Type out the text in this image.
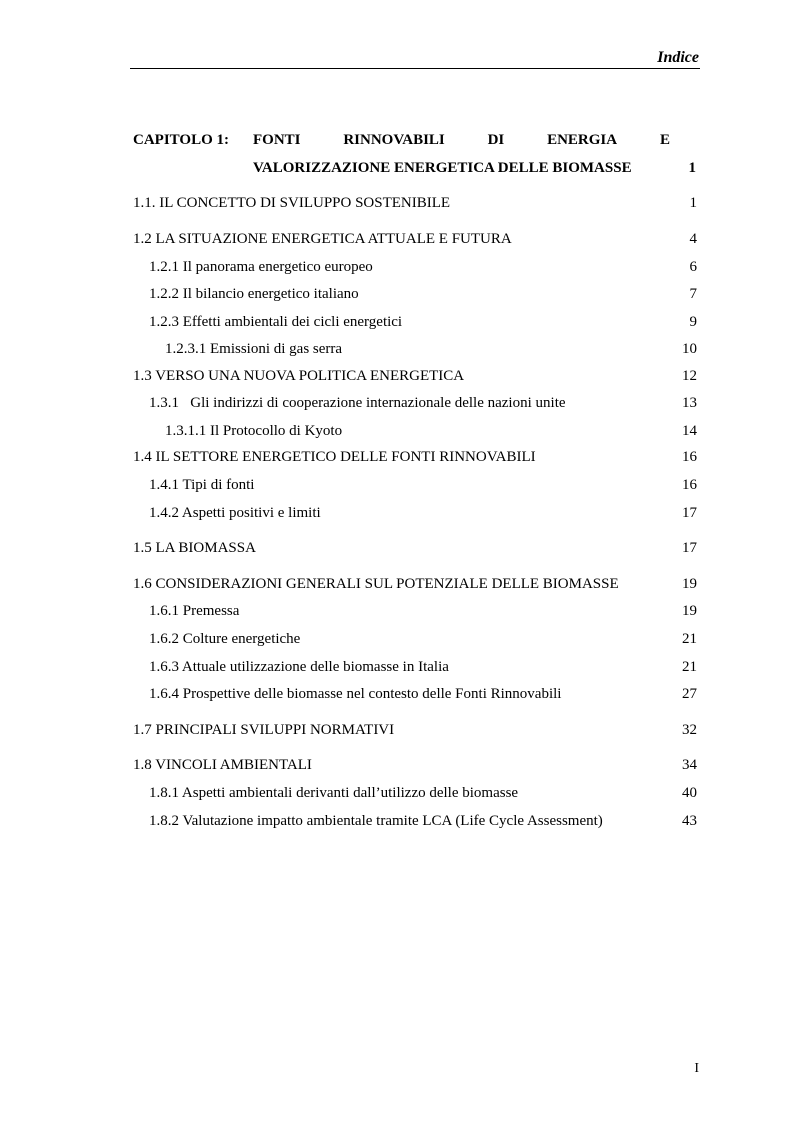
Indice
CAPITOLO 1: FONTI	RINNOVABILI	DI	ENERGIA	E
VALORIZZAZIONE ENERGETICA DELLE BIOMASSE	1
1.1. IL CONCETTO DI SVILUPPO SOSTENIBILE	1
1.2 LA SITUAZIONE ENERGETICA ATTUALE E FUTURA	4
1.2.1 Il panorama energetico europeo	6
1.2.2 Il bilancio energetico italiano	7
1.2.3 Effetti ambientali dei cicli energetici	9
1.2.3.1 Emissioni di gas serra	10
1.3 VERSO UNA NUOVA POLITICA ENERGETICA	12
1.3.1   Gli indirizzi di cooperazione internazionale delle nazioni unite	13
1.3.1.1 Il Protocollo di Kyoto	14
1.4 IL SETTORE ENERGETICO DELLE FONTI RINNOVABILI	16
1.4.1 Tipi di fonti	16
1.4.2 Aspetti positivi e limiti	17
1.5 LA BIOMASSA	17
1.6 CONSIDERAZIONI GENERALI SUL POTENZIALE DELLE BIOMASSE	19
1.6.1 Premessa	19
1.6.2 Colture energetiche	21
1.6.3 Attuale utilizzazione delle biomasse in Italia	21
1.6.4 Prospettive delle biomasse nel contesto delle Fonti Rinnovabili	27
1.7 PRINCIPALI SVILUPPI NORMATIVI	32
1.8 VINCOLI AMBIENTALI	34
1.8.1 Aspetti ambientali derivanti dall’utilizzo delle biomasse	40
1.8.2 Valutazione impatto ambientale tramite LCA (Life Cycle Assessment)	43
I
